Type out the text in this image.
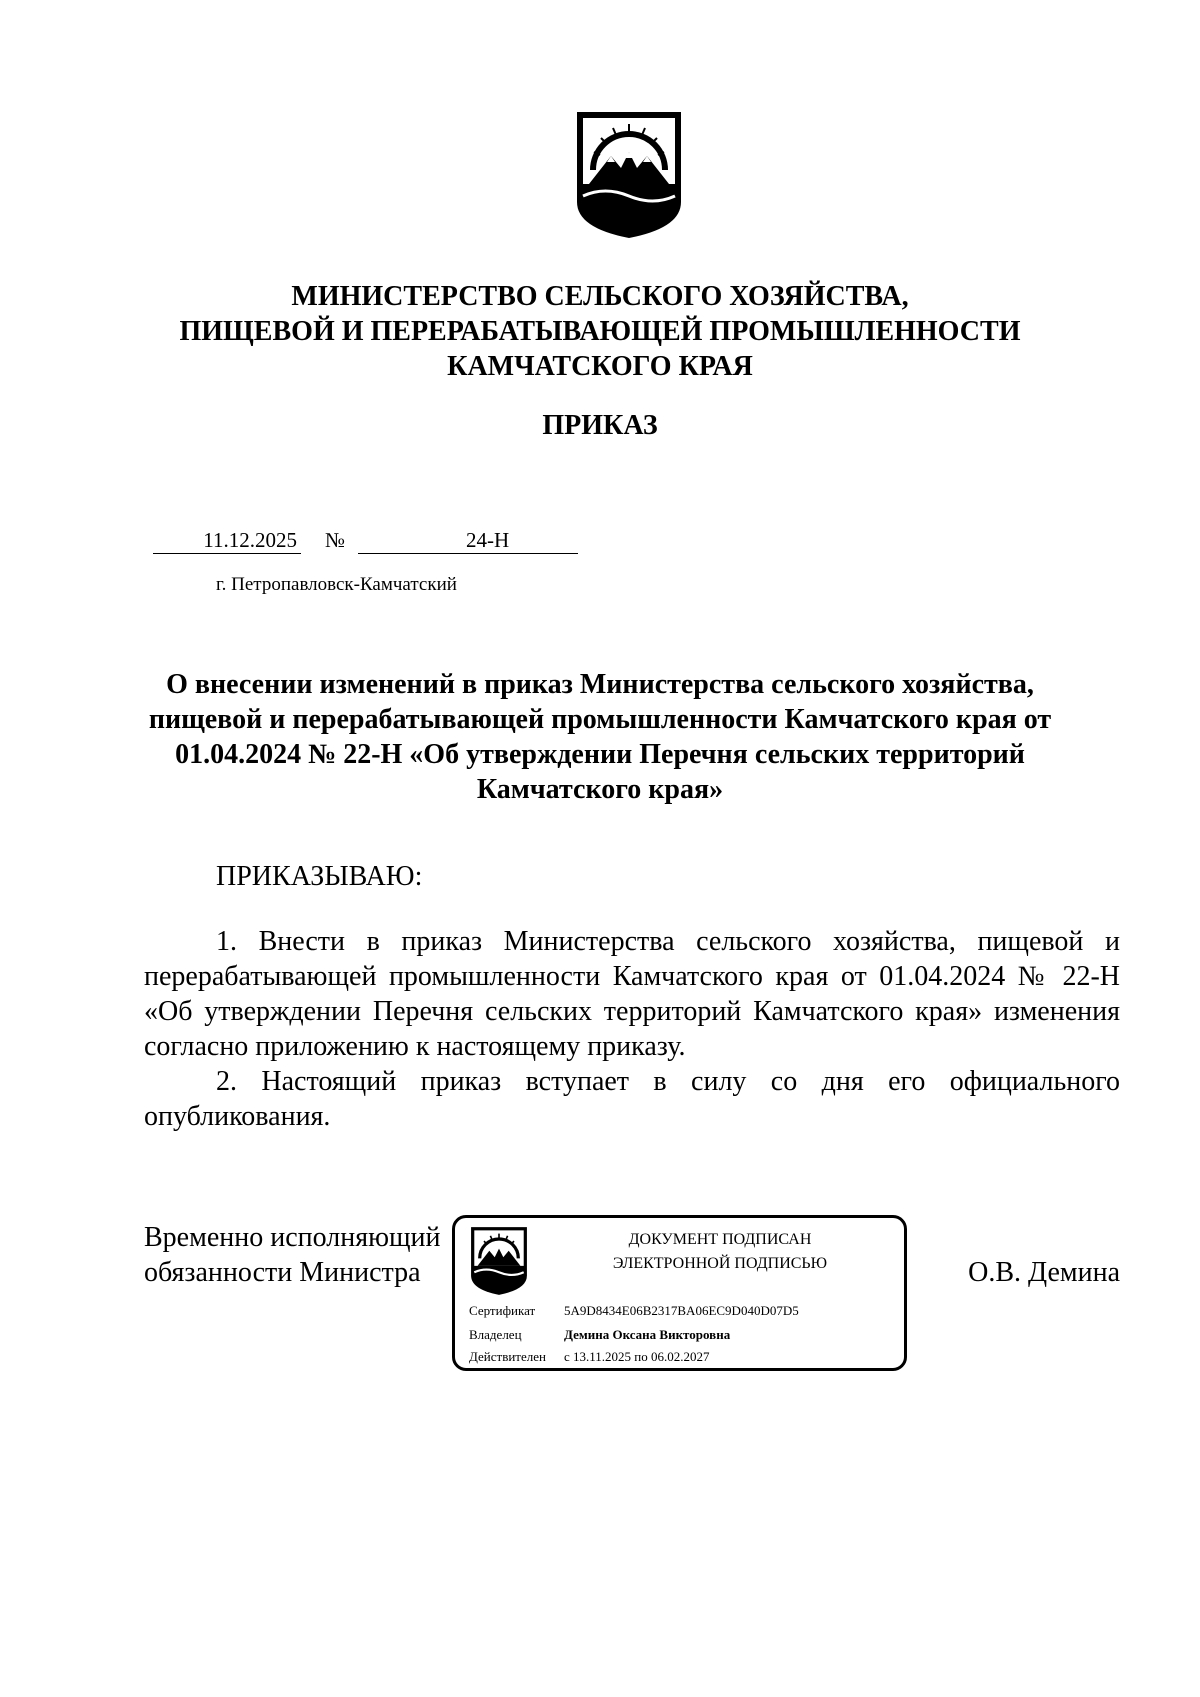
МИНИСТЕРСТВО СЕЛЬСКОГО ХОЗЯЙСТВА,
ПИЩЕВОЙ И ПЕРЕРАБАТЫВАЮЩЕЙ ПРОМЫШЛЕННОСТИ
КАМЧАТСКОГО КРАЯ
ПРИКАЗ
11.12.2025 №	24-Н
г. Петропавловск-Камчатский
О внесении изменений в приказ Министерства сельского хозяйства,
пищевой и перерабатывающей промышленности Камчатского края от
01.04.2024 № 22-Н «Об утверждении Перечня сельских территорий
Камчатского края»
ПРИКАЗЫВАЮ:

1. Внести в приказ Министерства сельского хозяйства, пищевой и перерабатывающей промышленности Камчатского края от 01.04.2024 № 22-Н «Об утверждении Перечня сельских территорий Камчатского края» изменения согласно приложению к настоящему приказу.

2. Настоящий приказ вступает в силу со дня его официального опубликования.

Временно исполняющий
обязанности Министра	О.В. Демина
ДОКУМЕНТ ПОДПИСАН
ЭЛЕКТРОННОЙ ПОДПИСЬЮ
Сертификат 5A9D8434E06B2317BA06EC9D040D07D5
Владелец	Демина Оксана Викторовна
Действителен с 13.11.2025 по 06.02.2027
